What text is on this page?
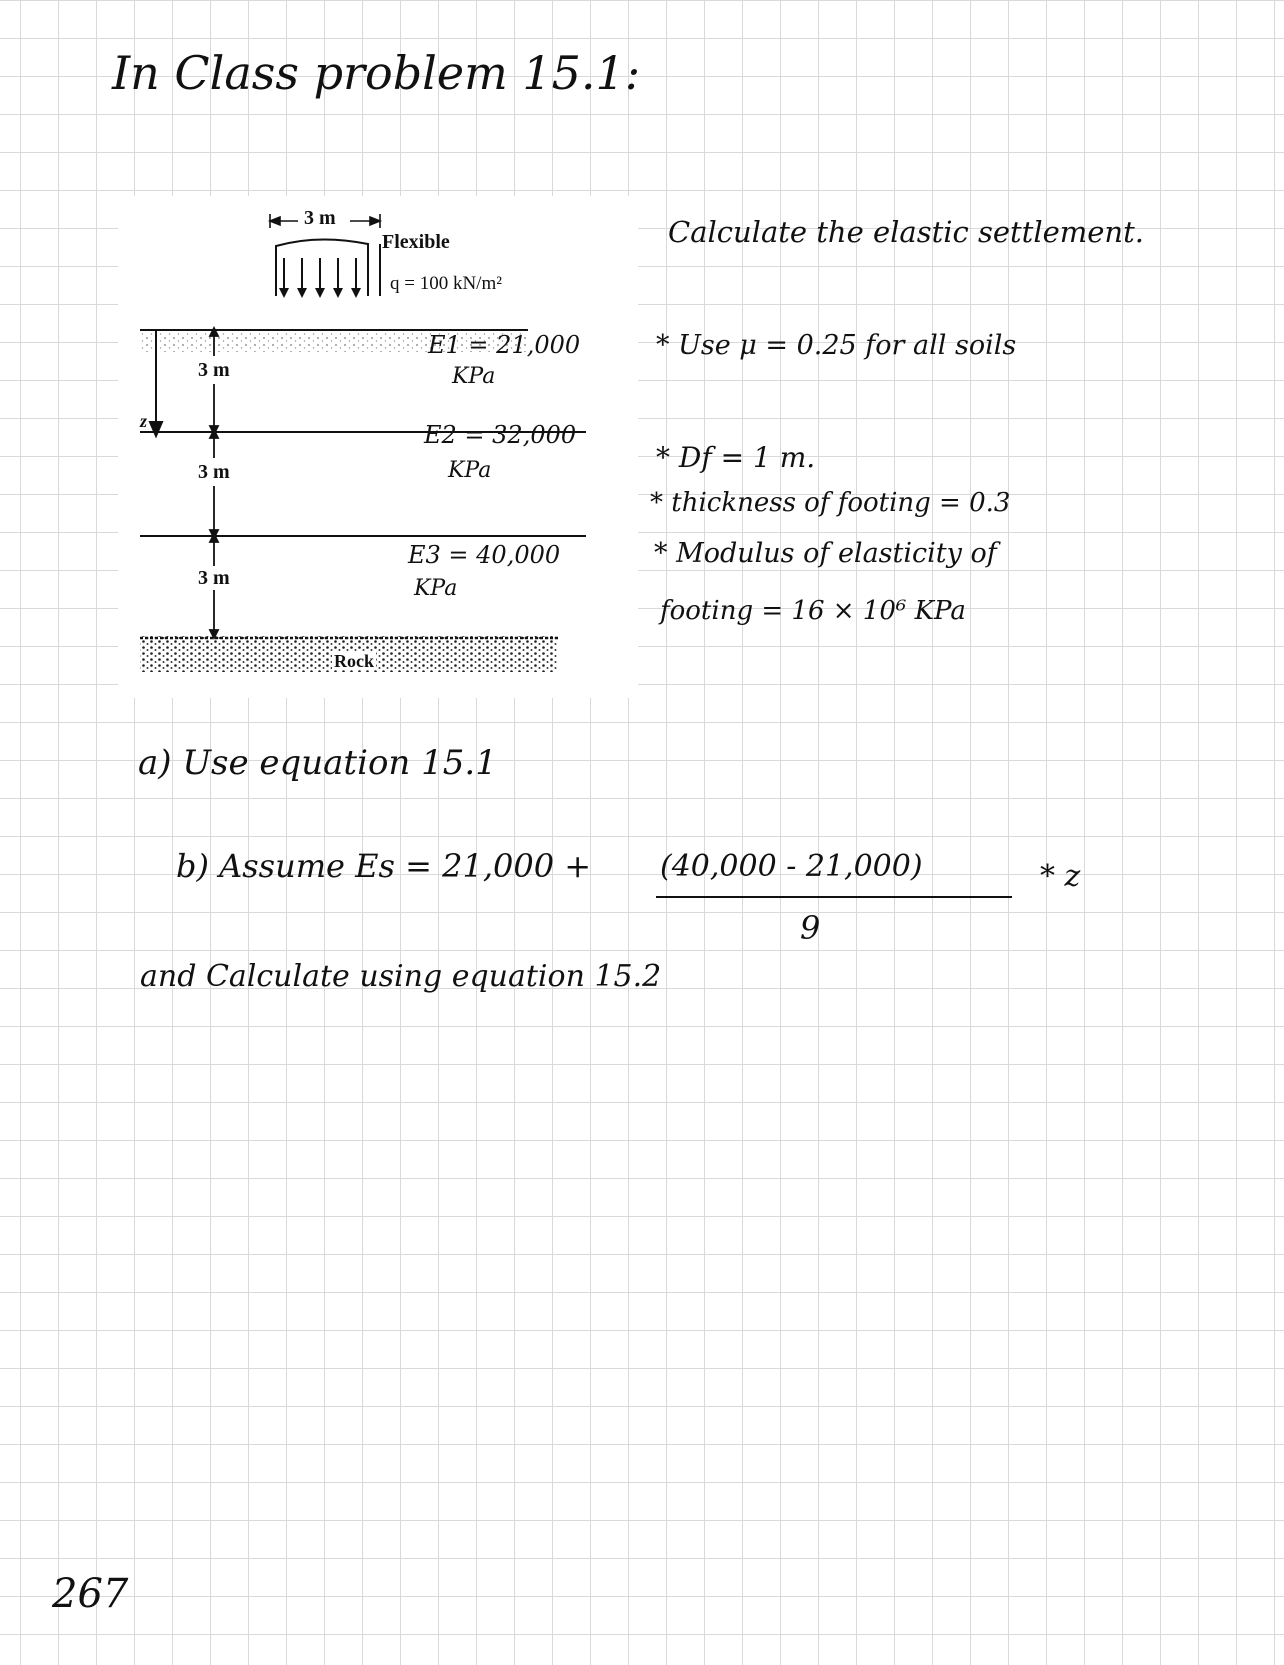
In Class problem 15.1:

3 m

Flexible

q = 100 kN/m²

z

3 m

3 m

3 m

E1 = 21,000

KPa

E2 = 32,000

KPa

E3 = 40,000

KPa

Rock

Calculate the elastic settlement.

* Use μ = 0.25 for all soils

* Df = 1 m.

* thickness of footing = 0.3

* Modulus of elasticity of

footing = 16 × 10⁶ KPa

a) Use equation 15.1

b) Assume Es = 21,000 + (40,000 - 21,000)

9

* z

and Calculate using equation 15.2

267
